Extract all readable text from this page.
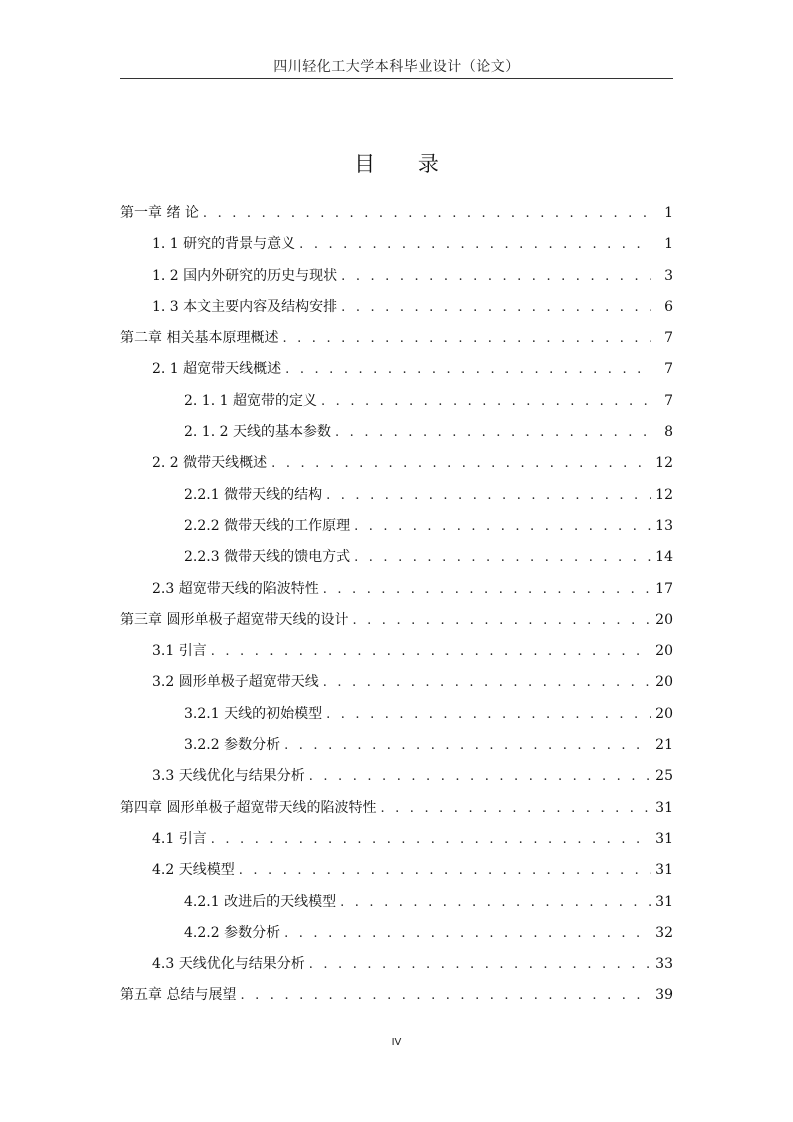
四川轻化工大学本科毕业设计（论文）
目 录
第一章 绪 论 . . .	1
1. 1 研究的背景与意义 . . .	1
1. 2 国内外研究的历史与现状 . . .	3
1. 3 本文主要内容及结构安排 . . .	6
第二章 相关基本原理概述 . . .	7
2. 1 超宽带天线概述 . . .	7
2. 1. 1 超宽带的定义 . . .	7
2. 1. 2 天线的基本参数 . . .	8
2. 2 微带天线概述 . . .	12
2.2.1 微带天线的结构 . . .	12
2.2.2 微带天线的工作原理 . . .	13
2.2.3 微带天线的馈电方式 . . .	14
2.3 超宽带天线的陷波特性 . . .	17
第三章 圆形单极子超宽带天线的设计 . . .	20
3.1 引言 . . .	20
3.2 圆形单极子超宽带天线 . . .	20
3.2.1 天线的初始模型 . . .	20
3.2.2 参数分析 . . .	21
3.3 天线优化与结果分析 . . .	25
第四章 圆形单极子超宽带天线的陷波特性 . . .	31
4.1 引言 . . .	31
4.2 天线模型 . . .	31
4.2.1 改进后的天线模型 . . .	31
4.2.2 参数分析 . . .	32
4.3 天线优化与结果分析 . . .	33
第五章 总结与展望 . . .	39
IV
